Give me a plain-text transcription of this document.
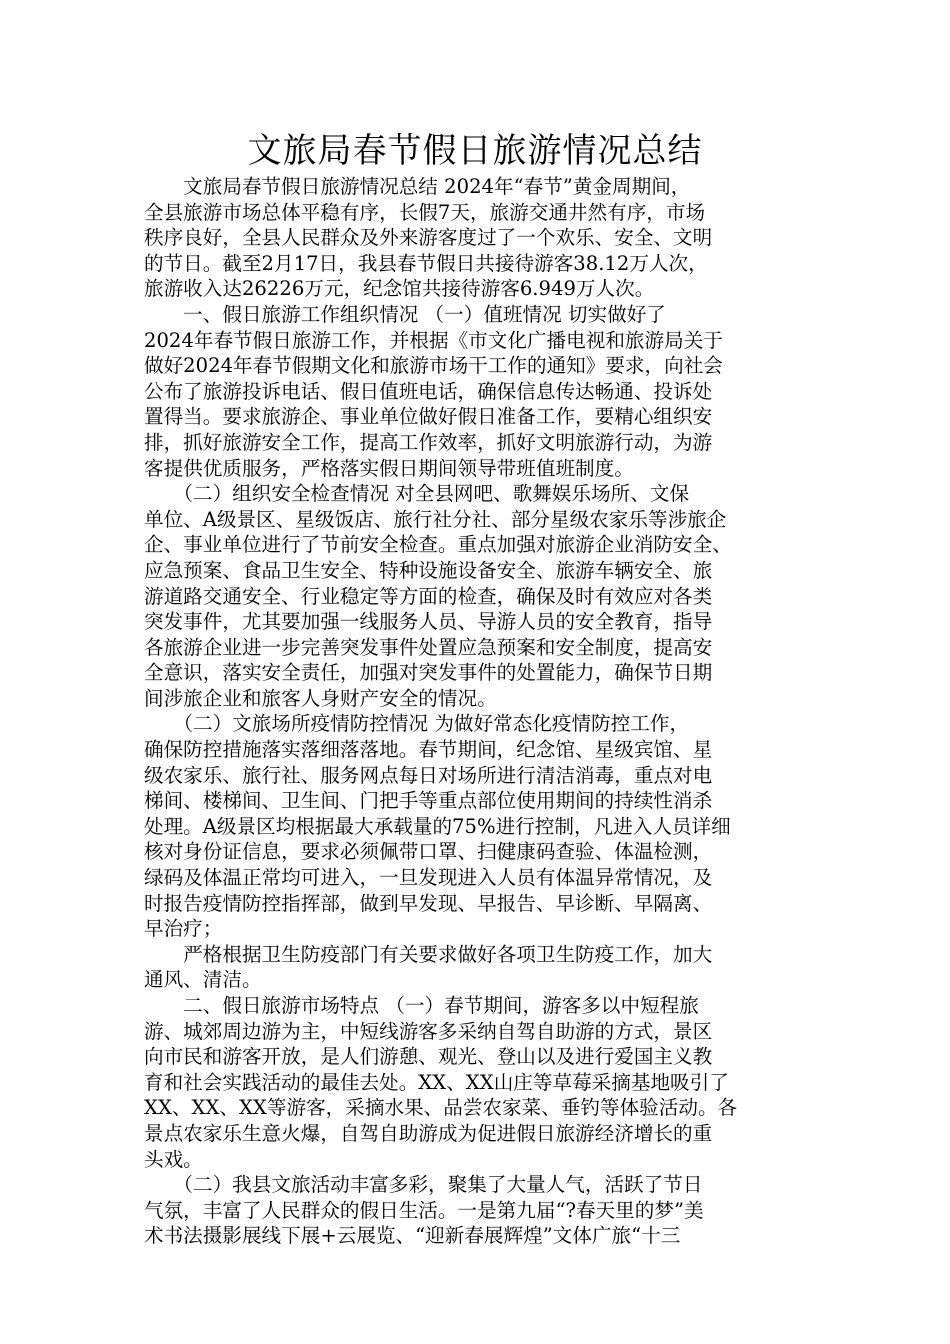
文旅局春节假日旅游情况总结
　　文旅局春节假日旅游情况总结 2024年“春节”黄金周期间，
全县旅游市场总体平稳有序，长假7天，旅游交通井然有序，市场
秩序良好，全县人民群众及外来游客度过了一个欢乐、安全、文明
的节日。截至2月17日，我县春节假日共接待游客38.12万人次，
旅游收入达26226万元，纪念馆共接待游客6.949万人次。
　　一、假日旅游工作组织情况 （一）值班情况 切实做好了
2024年春节假日旅游工作，并根据《市文化广播电视和旅游局关于
做好2024年春节假期文化和旅游市场干工作的通知》要求，向社会
公布了旅游投诉电话、假日值班电话，确保信息传达畅通、投诉处
置得当。要求旅游企、事业单位做好假日准备工作，要精心组织安
排，抓好旅游安全工作，提高工作效率，抓好文明旅游行动，为游
客提供优质服务，严格落实假日期间领导带班值班制度。
　　（二）组织安全检查情况 对全县网吧、歌舞娱乐场所、文保
单位、A级景区、星级饭店、旅行社分社、部分星级农家乐等涉旅企
企、事业单位进行了节前安全检查。重点加强对旅游企业消防安全、
应急预案、食品卫生安全、特种设施设备安全、旅游车辆安全、旅
游道路交通安全、行业稳定等方面的检查，确保及时有效应对各类
突发事件，尤其要加强一线服务人员、导游人员的安全教育，指导
各旅游企业进一步完善突发事件处置应急预案和安全制度，提高安
全意识，落实安全责任，加强对突发事件的处置能力，确保节日期
间涉旅企业和旅客人身财产安全的情况。
　　（二）文旅场所疫情防控情况 为做好常态化疫情防控工作，
确保防控措施落实落细落落地。春节期间，纪念馆、星级宾馆、星
级农家乐、旅行社、服务网点每日对场所进行清洁消毒，重点对电
梯间、楼梯间、卫生间、门把手等重点部位使用期间的持续性消杀
处理。A级景区均根据最大承载量的75%进行控制，凡进入人员详细
核对身份证信息，要求必须佩带口罩、扫健康码查验、体温检测，
绿码及体温正常均可进入，一旦发现进入人员有体温异常情况，及
时报告疫情防控指挥部，做到早发现、早报告、早诊断、早隔离、
早治疗；
　　严格根据卫生防疫部门有关要求做好各项卫生防疫工作，加大
通风、清洁。
　　二、假日旅游市场特点 （一）春节期间，游客多以中短程旅
游、城郊周边游为主，中短线游客多采纳自驾自助游的方式，景区
向市民和游客开放，是人们游憩、观光、登山以及进行爱国主义教
育和社会实践活动的最佳去处。XX、XX山庄等草莓采摘基地吸引了
XX、XX、XX等游客，采摘水果、品尝农家菜、垂钓等体验活动。各
景点农家乐生意火爆，自驾自助游成为促进假日旅游经济增长的重
头戏。
　　（二）我县文旅活动丰富多彩，聚集了大量人气，活跃了节日
气氛，丰富了人民群众的假日生活。一是第九届“?春天里的梦”美
术书法摄影展线下展+云展览、“迎新春展辉煌”文体广旅“十三
